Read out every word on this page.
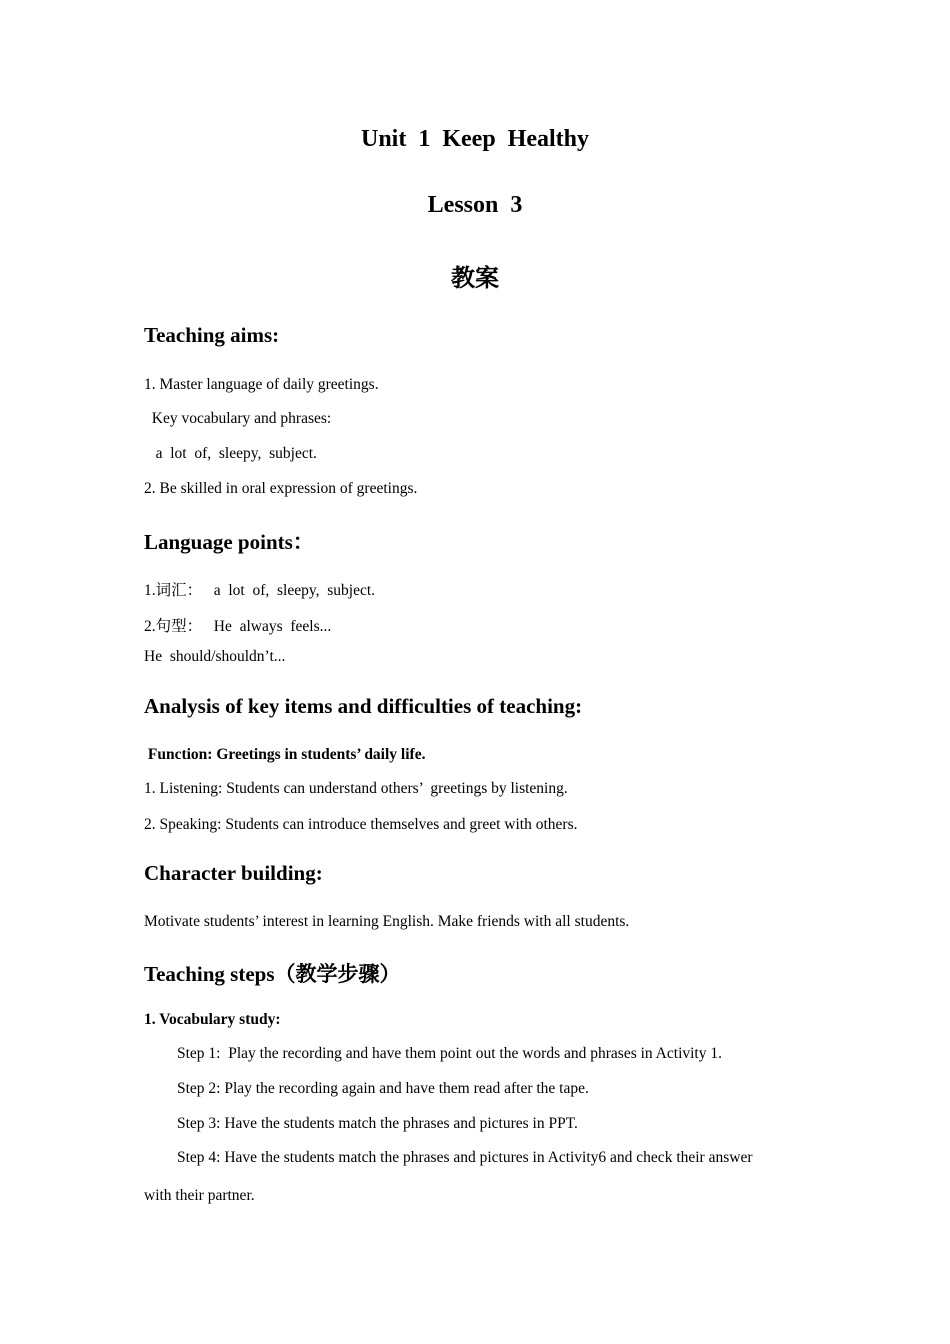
Unit  1  Keep  Healthy
Lesson  3
教案
Teaching aims:
1. Master language of daily greetings.
Key vocabulary and phrases:
a  lot  of,  sleepy,  subject.
2. Be skilled in oral expression of greetings.
Language points：
1.词汇：   a  lot  of,  sleepy,  subject.
2.句型：   He  always  feels...
He  should/shouldn’t...
Analysis of key items and difficulties of teaching:
Function: Greetings in students’ daily life.
1. Listening: Students can understand others’  greetings by listening.
2. Speaking: Students can introduce themselves and greet with others.
Character building:
Motivate students’ interest in learning English. Make friends with all students.
Teaching steps（教学步骤）
1. Vocabulary study:
Step 1:  Play the recording and have them point out the words and phrases in Activity 1.
Step 2: Play the recording again and have them read after the tape.
Step 3: Have the students match the phrases and pictures in PPT.
Step 4: Have the students match the phrases and pictures in Activity6 and check their answer
with their partner.
